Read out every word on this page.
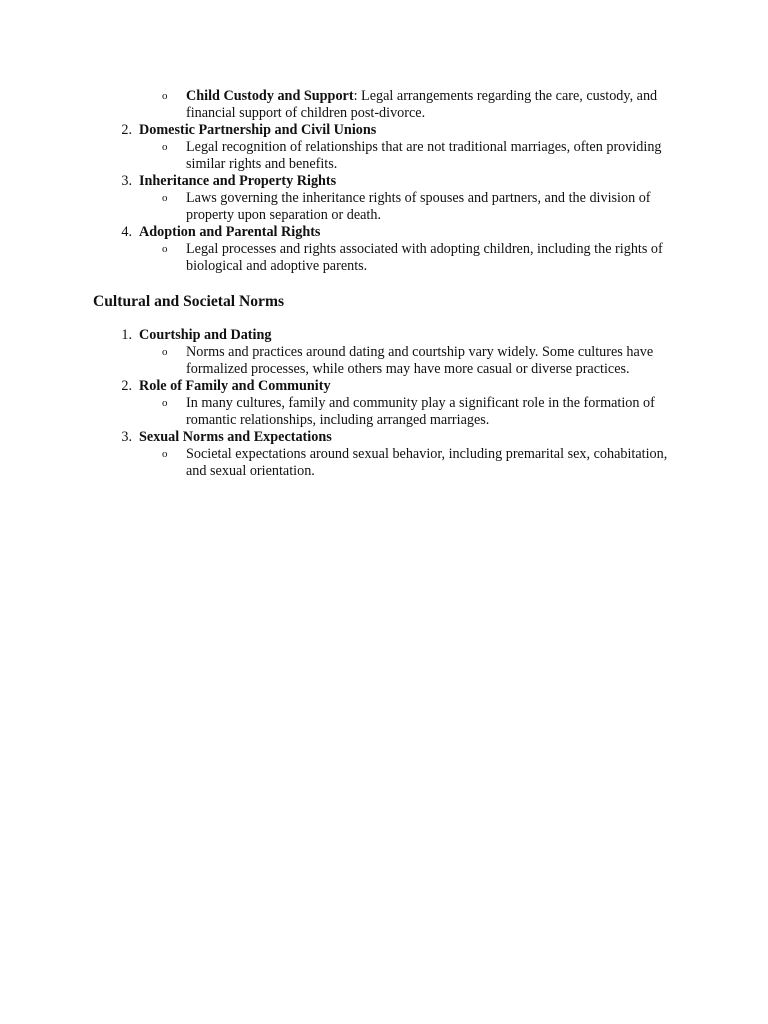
o Child Custody and Support: Legal arrangements regarding the care, custody, and financial support of children post-divorce.
2. Domestic Partnership and Civil Unions
o Legal recognition of relationships that are not traditional marriages, often providing similar rights and benefits.
3. Inheritance and Property Rights
o Laws governing the inheritance rights of spouses and partners, and the division of property upon separation or death.
4. Adoption and Parental Rights
o Legal processes and rights associated with adopting children, including the rights of biological and adoptive parents.
Cultural and Societal Norms
1. Courtship and Dating
o Norms and practices around dating and courtship vary widely. Some cultures have formalized processes, while others may have more casual or diverse practices.
2. Role of Family and Community
o In many cultures, family and community play a significant role in the formation of romantic relationships, including arranged marriages.
3. Sexual Norms and Expectations
o Societal expectations around sexual behavior, including premarital sex, cohabitation, and sexual orientation.
